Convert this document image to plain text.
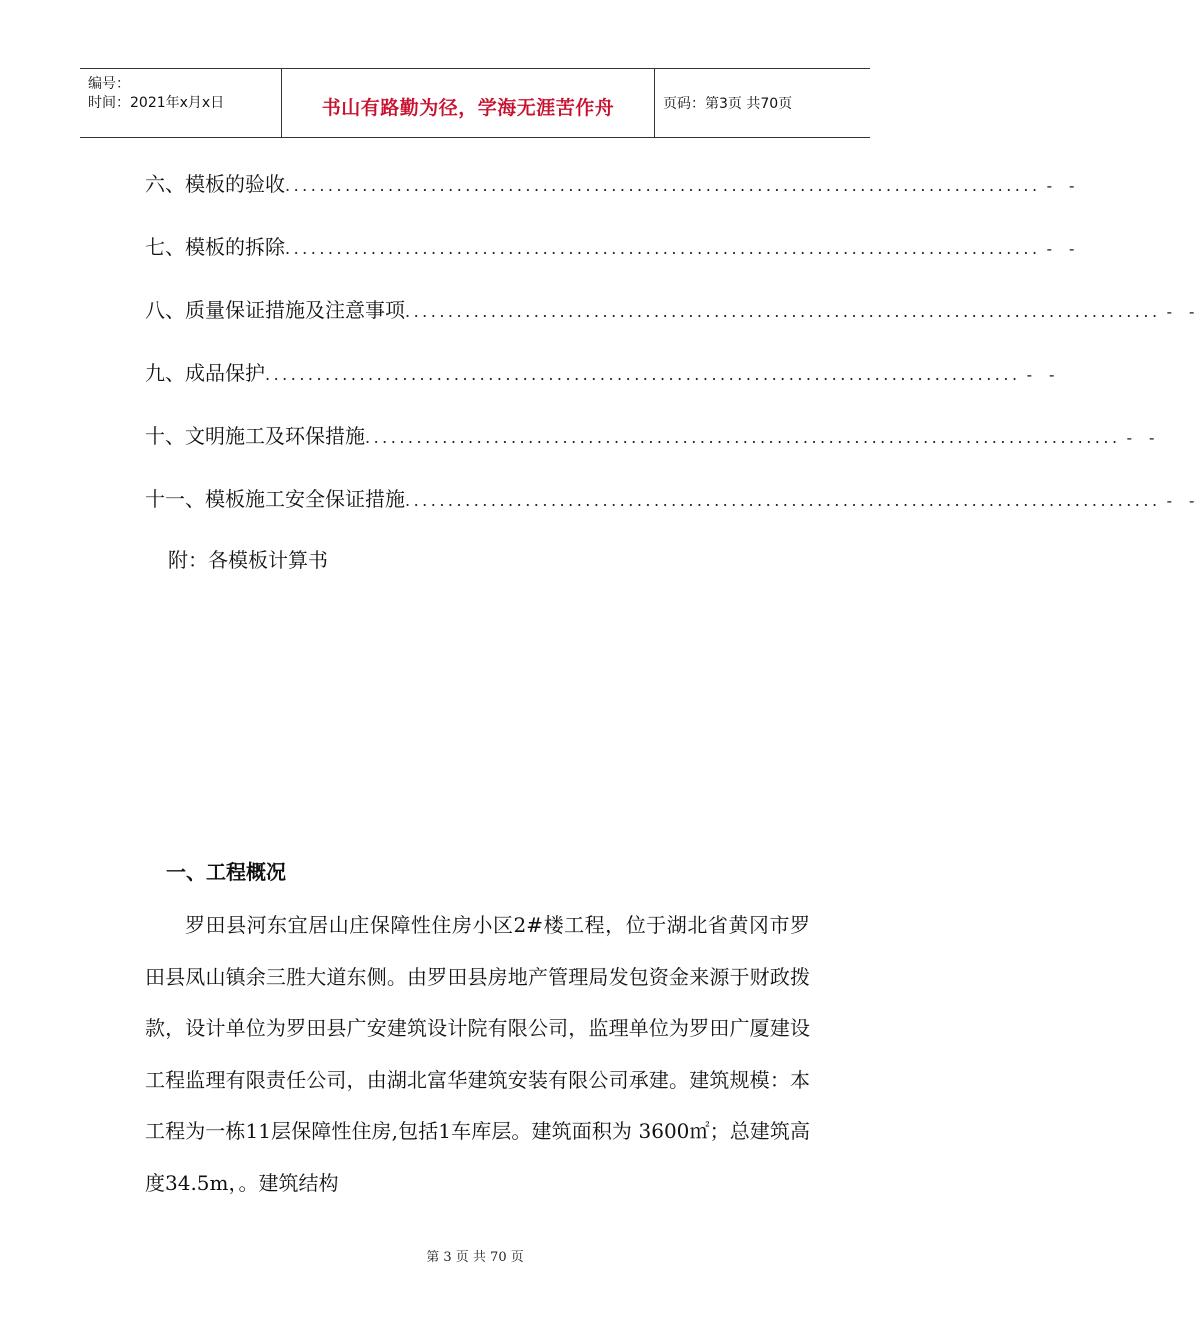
编号：
时间：2021年x月x日	书山有路勤为径，学海无涯苦作舟	页码：第3页 共70页
六、模板的验收 ........................................................................................ - -
七、模板的拆除 ........................................................................................ - -
八、质量保证措施及注意事项 ........................................................................................ - -
九、成品保护 ........................................................................................ - -
十、文明施工及环保措施 ........................................................................................ - -
十一、模板施工安全保证措施 ........................................................................................ - -
附：各模板计算书
一、工程概况

罗田县河东宜居山庄保障性住房小区2#楼工程，位于湖北省黄冈市罗田县凤山镇余三胜大道东侧。由罗田县房地产管理局发包资金来源于财政拨款，设计单位为罗田县广安建筑设计院有限公司，监理单位为罗田广厦建设工程监理有限责任公司，由湖北富华建筑安装有限公司承建。建筑规模：本工程为一栋11层保障性住房,包括1车库层。建筑面积为 3600㎡；总建筑高度34.5m，。建筑结构

第 3 页 共 70 页
